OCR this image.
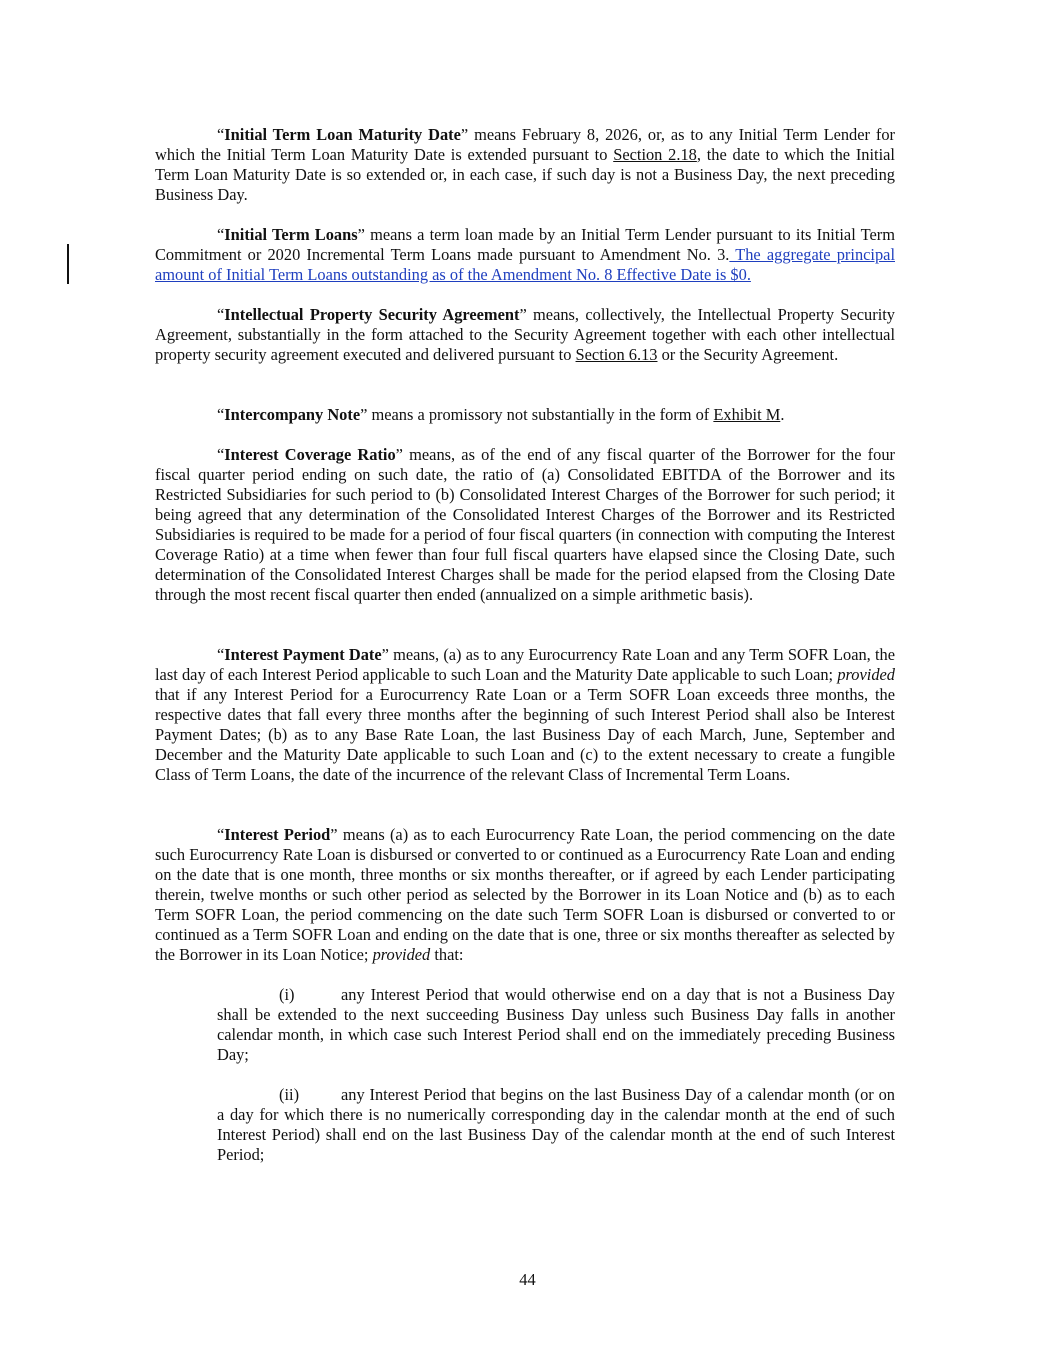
“Initial Term Loan Maturity Date” means February 8, 2026, or, as to any Initial Term Lender for which the Initial Term Loan Maturity Date is extended pursuant to Section 2.18, the date to which the Initial Term Loan Maturity Date is so extended or, in each case, if such day is not a Business Day, the next preceding Business Day.

“Initial Term Loans” means a term loan made by an Initial Term Lender pursuant to its Initial Term Commitment or 2020 Incremental Term Loans made pursuant to Amendment No. 3. The aggregate principal amount of Initial Term Loans outstanding as of the Amendment No. 8 Effective Date is $0.

“Intellectual Property Security Agreement” means, collectively, the Intellectual Property Security Agreement, substantially in the form attached to the Security Agreement together with each other intellectual property security agreement executed and delivered pursuant to Section 6.13 or the Security Agreement.

“Intercompany Note” means a promissory not substantially in the form of Exhibit M.

“Interest Coverage Ratio” means, as of the end of any fiscal quarter of the Borrower for the four fiscal quarter period ending on such date, the ratio of (a) Consolidated EBITDA of the Borrower and its Restricted Subsidiaries for such period to (b) Consolidated Interest Charges of the Borrower for such period; it being agreed that any determination of the Consolidated Interest Charges of the Borrower and its Restricted Subsidiaries is required to be made for a period of four fiscal quarters (in connection with computing the Interest Coverage Ratio) at a time when fewer than four full fiscal quarters have elapsed since the Closing Date, such determination of the Consolidated Interest Charges shall be made for the period elapsed from the Closing Date through the most recent fiscal quarter then ended (annualized on a simple arithmetic basis).

“Interest Payment Date” means, (a) as to any Eurocurrency Rate Loan and any Term SOFR Loan, the last day of each Interest Period applicable to such Loan and the Maturity Date applicable to such Loan; provided that if any Interest Period for a Eurocurrency Rate Loan or a Term SOFR Loan exceeds three months, the respective dates that fall every three months after the beginning of such Interest Period shall also be Interest Payment Dates; (b) as to any Base Rate Loan, the last Business Day of each March, June, September and December and the Maturity Date applicable to such Loan and (c) to the extent necessary to create a fungible Class of Term Loans, the date of the incurrence of the relevant Class of Incremental Term Loans.

“Interest Period” means (a) as to each Eurocurrency Rate Loan, the period commencing on the date such Eurocurrency Rate Loan is disbursed or converted to or continued as a Eurocurrency Rate Loan and ending on the date that is one month, three months or six months thereafter, or if agreed by each Lender participating therein, twelve months or such other period as selected by the Borrower in its Loan Notice and (b) as to each Term SOFR Loan, the period commencing on the date such Term SOFR Loan is disbursed or converted to or continued as a Term SOFR Loan and ending on the date that is one, three or six months thereafter as selected by the Borrower in its Loan Notice; provided that:

(i)	any Interest Period that would otherwise end on a day that is not a Business Day shall be extended to the next succeeding Business Day unless such Business Day falls in another calendar month, in which case such Interest Period shall end on the immediately preceding Business Day;

(ii)	any Interest Period that begins on the last Business Day of a calendar month (or on a day for which there is no numerically corresponding day in the calendar month at the end of such Interest Period) shall end on the last Business Day of the calendar month at the end of such Interest Period;

44
